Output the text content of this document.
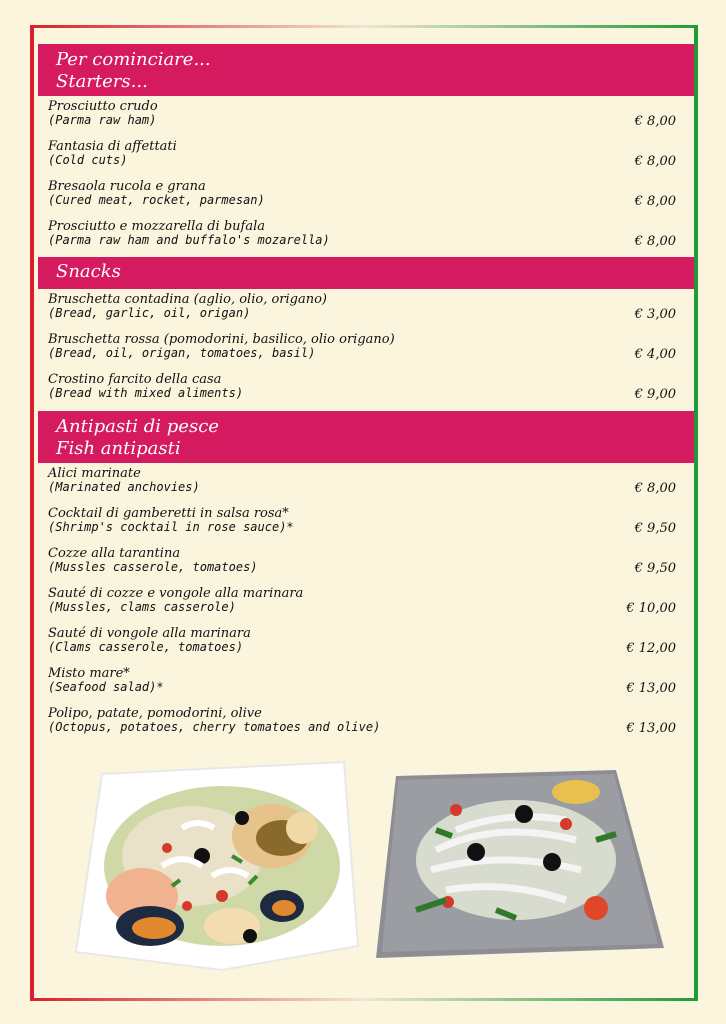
Per cominciare...
Starters...
Prosciutto crudo
(Parma raw ham)	€ 8,00
Fantasia di affettati
(Cold cuts)	€ 8,00
Bresaola rucola e grana
(Cured meat, rocket, parmesan)	€ 8,00
Prosciutto e mozzarella di bufala
(Parma raw ham and buffalo's mozarella)	€ 8,00
Snacks
Bruschetta contadina (aglio, olio, origano)
(Bread, garlic, oil, origan)	€ 3,00
Bruschetta rossa (pomodorini, basilico, olio origano)
(Bread, oil, origan, tomatoes, basil)	€ 4,00
Crostino farcito della casa
(Bread with mixed aliments)	€ 9,00
Antipasti di pesce
Fish antipasti
Alici marinate
(Marinated anchovies)	€ 8,00
Cocktail di gamberetti in salsa rosa*
(Shrimp's cocktail in rose sauce)*	€ 9,50
Cozze alla tarantina
(Mussles casserole, tomatoes)	€ 9,50
Sauté di cozze e vongole alla marinara
(Mussles, clams casserole)	€ 10,00
Sauté di vongole alla marinara
(Clams casserole, tomatoes)	€ 12,00
Misto mare*
(Seafood salad)*	€ 13,00
Polipo, patate, pomodorini, olive
(Octopus, potatoes, cherry tomatoes and olive)	€ 13,00
